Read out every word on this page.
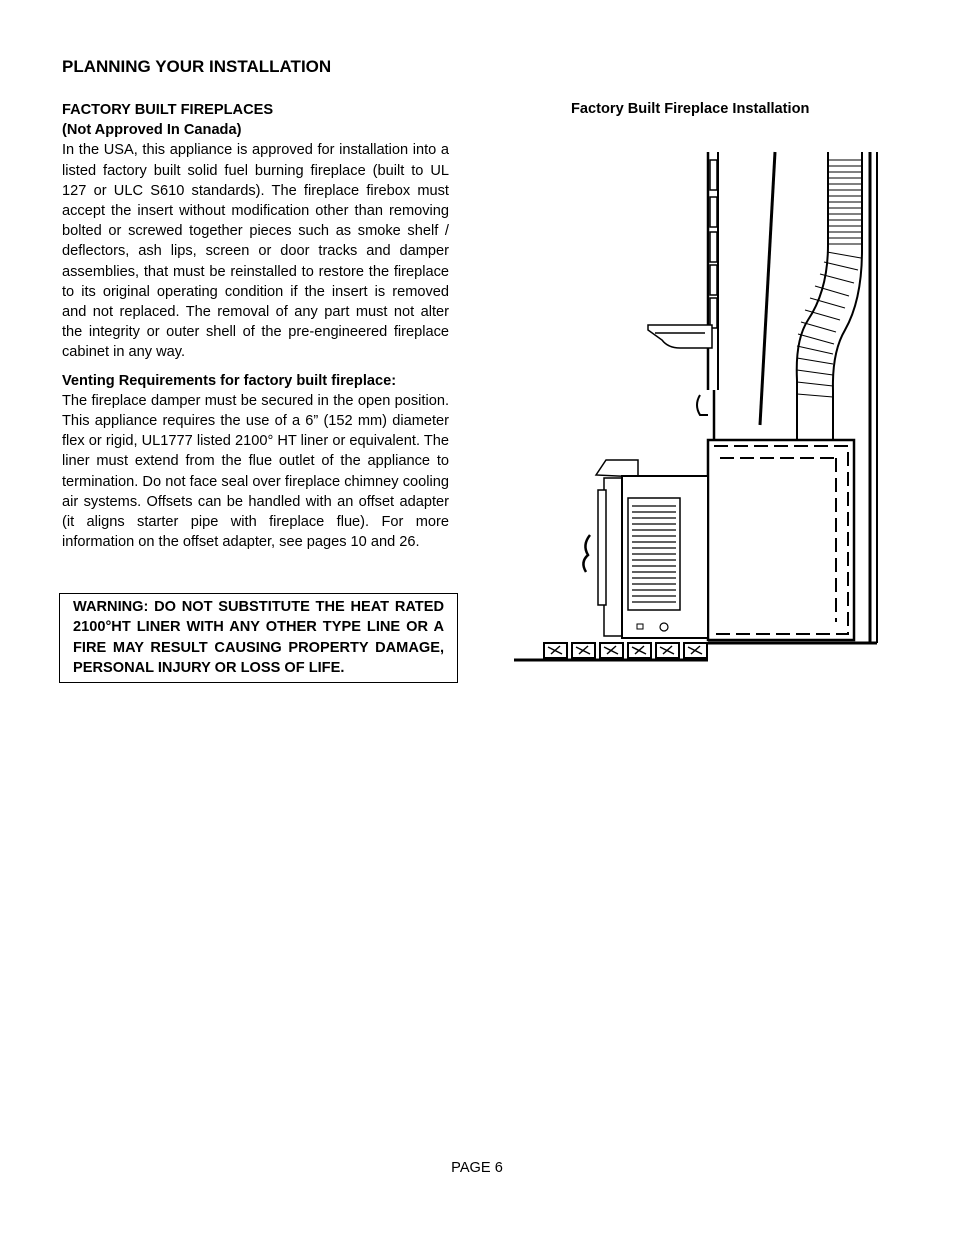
PLANNING YOUR INSTALLATION

FACTORY BUILT FIREPLACES

(Not Approved In Canada)

In the USA, this appliance is approved for installation into a listed factory built solid fuel burning fireplace (built to UL 127 or ULC S610 standards). The fireplace firebox must accept the insert without modification other than removing bolted or screwed together pieces such as smoke shelf / deflectors, ash lips, screen or door tracks and damper assemblies, that must be reinstalled to restore the fireplace to its original operating condition if the insert is removed and not replaced. The removal of any part must not alter the integrity or outer shell of the pre-engineered fireplace cabinet in any way.

Venting Requirements for factory built fireplace:

The fireplace damper must be secured in the open position. This appliance requires the use of a 6” (152 mm) diameter flex or rigid, UL1777 listed 2100° HT liner or equivalent. The liner must extend from the flue outlet of the appliance to termination. Do not face seal over fireplace chimney cooling air systems. Offsets can be handled with an offset adapter (it aligns starter pipe with fireplace flue). For more information on the offset adapter, see pages 10 and 26.

WARNING: DO NOT SUBSTITUTE THE HEAT RATED 2100°HT LINER WITH ANY OTHER TYPE LINE OR A FIRE MAY RESULT CAUSING PROPERTY DAMAGE, PERSONAL INJURY OR LOSS OF LIFE.
Factory Built Fireplace Installation
PAGE 6
